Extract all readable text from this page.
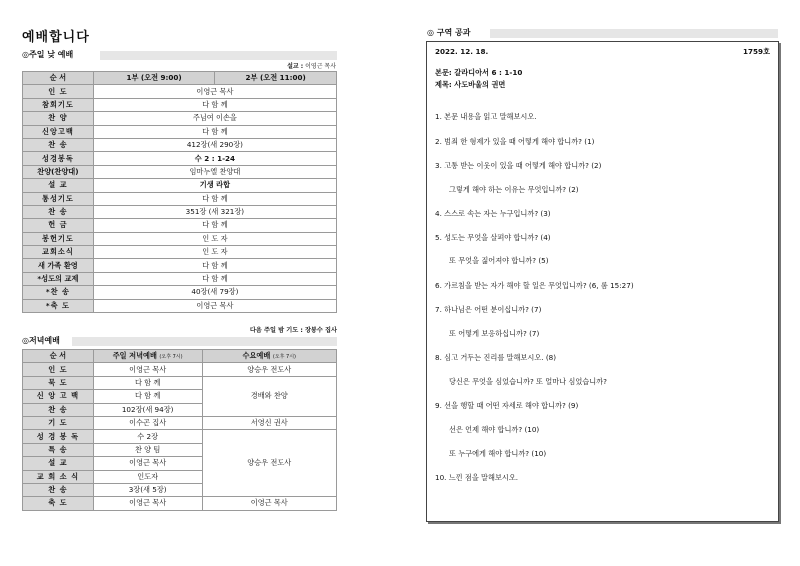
예배합니다
◎주일 낮 예배
설교 : 이영근 목사
순 서	1부 (오전 9:00)	2부 (오전 11:00)
인 도	이영근 목사	
참회기도	다 함 께	
찬 양	주님여 이손을	
신앙고백	다 함 께	
찬 송	412장(새 290장)	
성경봉독	수 2 : 1-24	
찬양(찬양대)	임마누엘 찬양대	
설 교	기생 라합	
통성기도	다 함 께	
찬 송	351장 (새 321장)	
헌 금	다 함 께	
봉헌기도	인 도 자	
교회소식	인 도 자	
새 가족 환영	다 함 께	
*성도의 교제	다 함 께	
*찬 송	40장(새 79장)	
*축 도	이영근 목사	
다음 주일 밤 기도 : 장봉수 집사
◎저녁예배
순 서	주일 저녁예배 (오후 7시)	수요예배 (오후 7시)
인 도	이영근 목사	양승우 전도사
묵 도	다 함 께	경배와 찬양
신 앙 고 백	다 함 께	
찬 송	102장(새 94장)	
기 도	이수곤 집사	서영신 권사
성 경 봉 독	수 2장	양승우 전도사
특 송	찬 양 팀	
설 교	이영근 목사	
교 회 소 식	인도자	
찬 송	3장(새 5장)	
축 도	이영근 목사	이영근 목사
◎ 구역 공과
2022. 12. 18.	1759호
본문: 갈라디아서 6 : 1-10
제목: 사도바울의 권면
1. 본문 내용을 읽고 말해보시오.
2. 범죄 한 형제가 있을 때 어떻게 해야 합니까? (1)
3. 고통 받는 이웃이 있을 때 어떻게 해야 합니까? (2)
그렇게 해야 하는 이유는 무엇입니까? (2)
4. 스스로 속는 자는 누구입니까? (3)
5. 성도는 무엇을 살펴야 합니까? (4)
또 무엇을 짊어져야 합니까? (5)
6. 가르침을 받는 자가 해야 할 일은 무엇입니까? (6, 롬 15:27)
7. 하나님은 어떤 분이십니까? (7)
또 어떻게 보응하십니까? (7)
8. 심고 거두는 진리를 말해보시오. (8)
당신은 무엇을 심었습니까? 또 얼마나 심었습니까?
9. 선을 행할 때 어떤 자세로 해야 합니까? (9)
선은 언제 해야 합니까? (10)
또 누구에게 해야 합니까? (10)
10. 느낀 점을 말해보시오.
